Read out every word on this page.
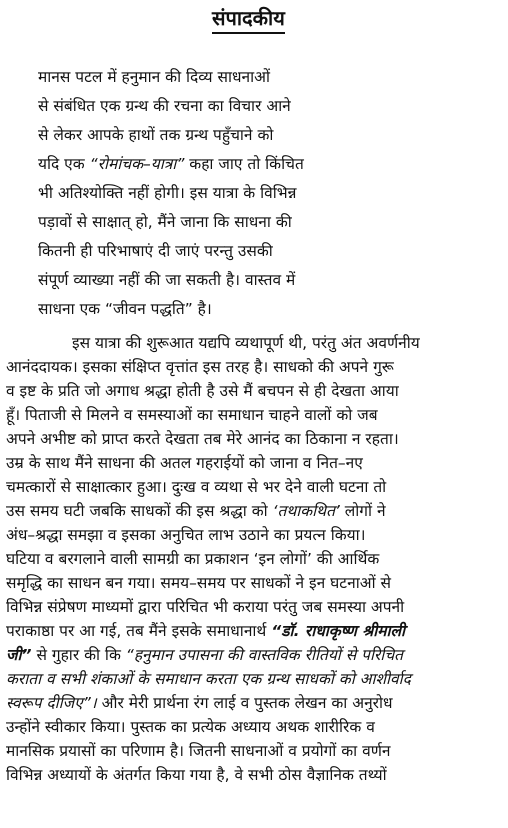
संपादकीय
मानस पटल में हनुमान की दिव्य साधनाओं
से संबंधित एक ग्रन्थ की रचना का विचार आने
से लेकर आपके हाथों तक ग्रन्थ पहुँचाने को
यदि एक “रोमांचक–यात्रा” कहा जाए तो किंचित
भी अतिश्योक्ति नहीं होगी। इस यात्रा के विभिन्न
पड़ावों से साक्षात् हो, मैंने जाना कि साधना की
कितनी ही परिभाषाएं दी जाएं परन्तु उसकी
संपूर्ण व्याख्या नहीं की जा सकती है। वास्तव में
साधना एक “जीवन पद्धति” है।
इस यात्रा की शुरूआत यद्यपि व्यथापूर्ण थी, परंतु अंत अवर्णनीय
आनंददायक। इसका संक्षिप्त वृत्तांत इस तरह है। साधको की अपने गुरू
व इष्ट के प्रति जो अगाध श्रद्धा होती है उसे मैं बचपन से ही देखता आया
हूँ। पिताजी से मिलने व समस्याओं का समाधान चाहने वालों को जब
अपने अभीष्ट को प्राप्त करते देखता तब मेरे आनंद का ठिकाना न रहता।
उम्र के साथ मैंने साधना की अतल गहराईयों को जाना व नित–नए
चमत्कारों से साक्षात्कार हुआ। दुःख व व्यथा से भर देने वाली घटना तो
उस समय घटी जबकि साधकों की इस श्रद्धा को ‘तथाकथित’ लोगों ने
अंध–श्रद्धा समझा व इसका अनुचित लाभ उठाने का प्रयत्न किया।
घटिया व बरगलाने वाली सामग्री का प्रकाशन ‘इन लोगों’ की आर्थिक
समृद्धि का साधन बन गया। समय–समय पर साधकों ने इन घटनाओं से
विभिन्न संप्रेषण माध्यमों द्वारा परिचित भी कराया परंतु जब समस्या अपनी
पराकाष्ठा पर आ गई, तब मैंने इसके समाधानार्थ “डॉ. राधाकृष्ण श्रीमाली
जी” से गुहार की कि “हनुमान उपासना की वास्तविक रीतियों से परिचित
कराता व सभी शंकाओं के समाधान करता एक ग्रन्थ साधकों को आशीर्वाद
स्वरूप दीजिए”। और मेरी प्रार्थना रंग लाई व पुस्तक लेखन का अनुरोध
उन्होंने स्वीकार किया। पुस्तक का प्रत्येक अध्याय अथक शारीरिक व
मानसिक प्रयासों का परिणाम है। जितनी साधनाओं व प्रयोगों का वर्णन
विभिन्न अध्यायों के अंतर्गत किया गया है, वे सभी ठोस वैज्ञानिक तथ्यों
